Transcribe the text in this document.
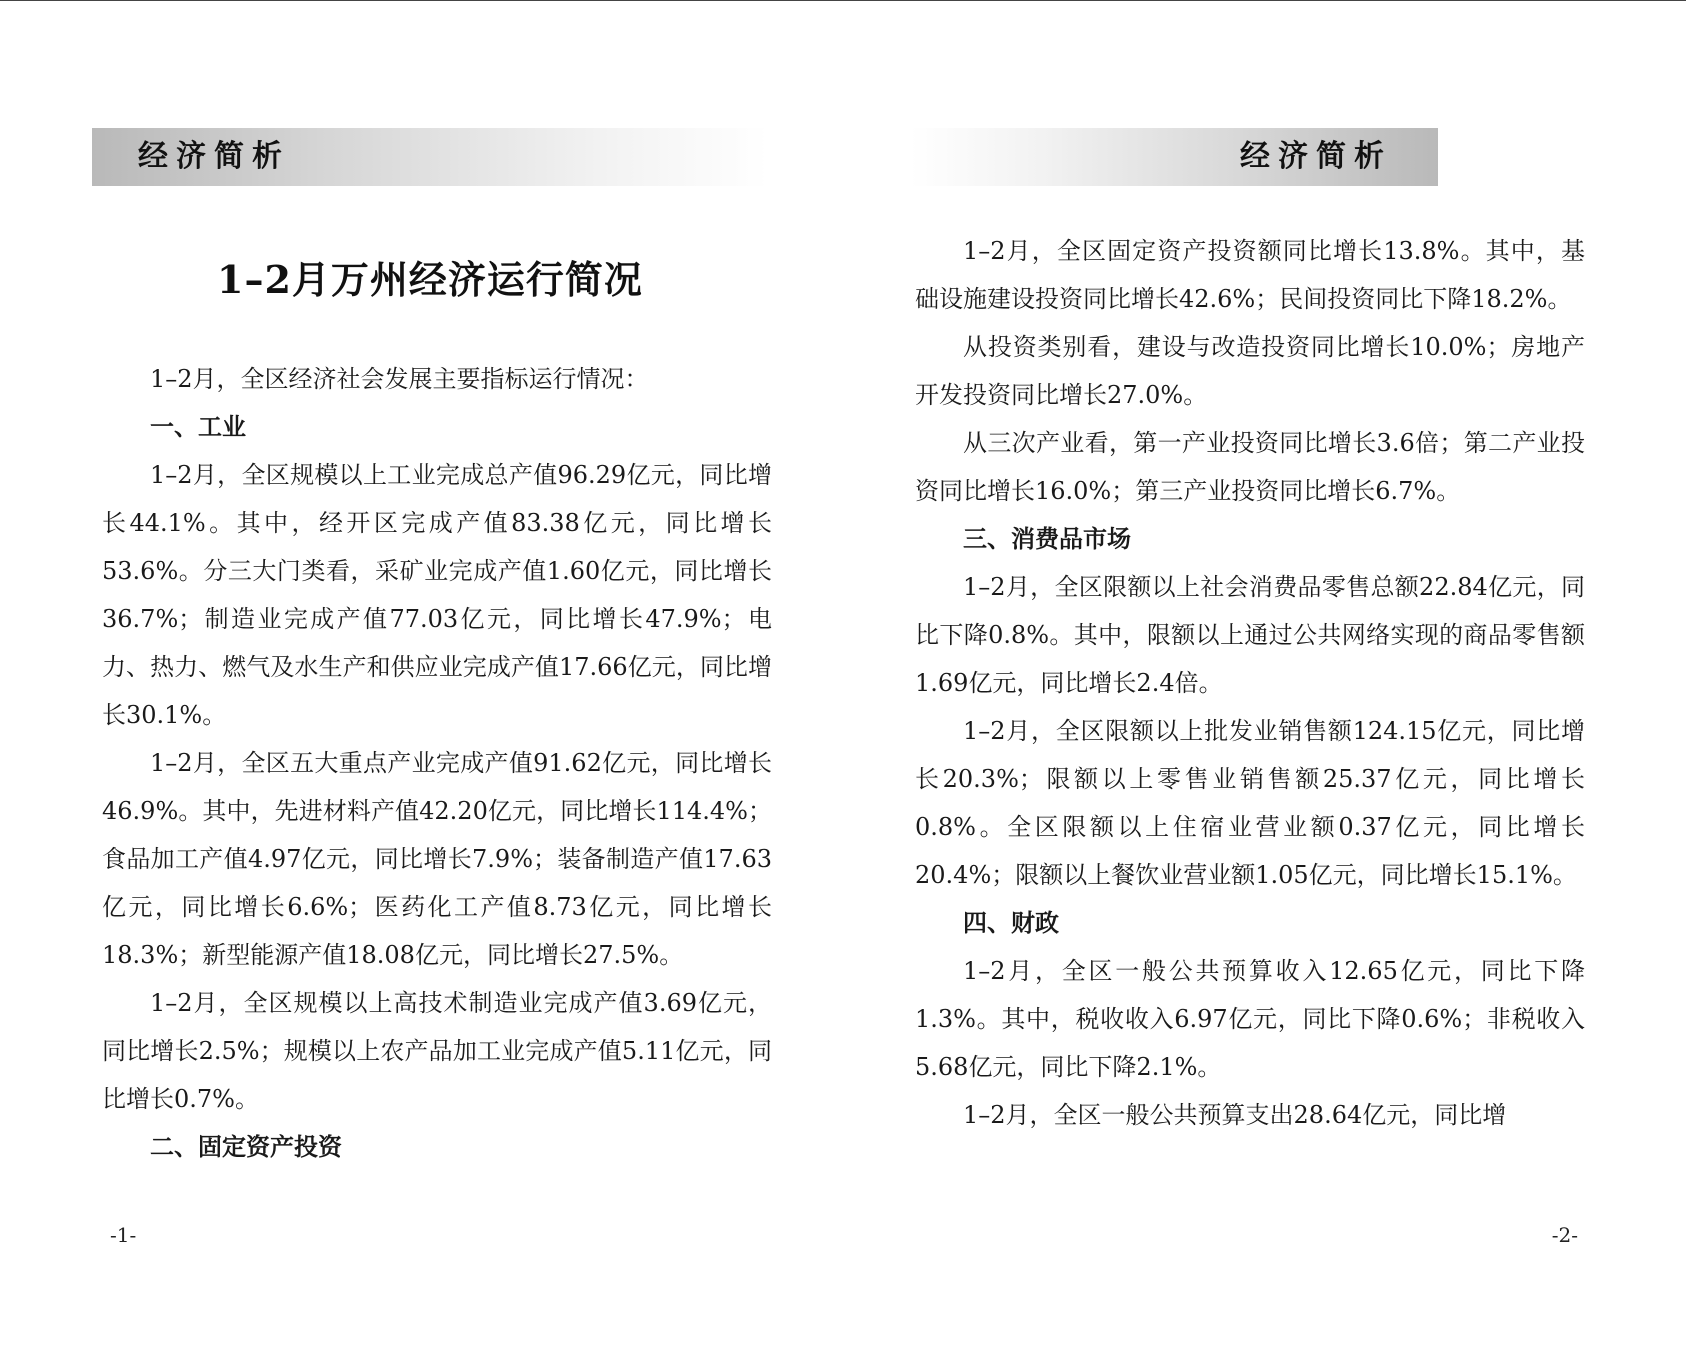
经济简析
1–2月万州经济运行简况

1–2月，全区经济社会发展主要指标运行情况：

一、工业

1–2月，全区规模以上工业完成总产值96.29亿元，同比增长44.1%。其中，经开区完成产值83.38亿元，同比增长53.6%。分三大门类看，采矿业完成产值1.60亿元，同比增长36.7%；制造业完成产值77.03亿元，同比增长47.9%；电力、热力、燃气及水生产和供应业完成产值17.66亿元，同比增长30.1%。

1–2月，全区五大重点产业完成产值91.62亿元，同比增长46.9%。其中，先进材料产值42.20亿元，同比增长114.4%；食品加工产值4.97亿元，同比增长7.9%；装备制造产值17.63亿元，同比增长6.6%；医药化工产值8.73亿元，同比增长18.3%；新型能源产值18.08亿元，同比增长27.5%。

1–2月，全区规模以上高技术制造业完成产值3.69亿元，同比增长2.5%；规模以上农产品加工业完成产值5.11亿元，同比增长0.7%。

二、固定资产投资
-1-
经济简析

1–2月，全区固定资产投资额同比增长13.8%。其中，基础设施建设投资同比增长42.6%；民间投资同比下降18.2%。

从投资类别看，建设与改造投资同比增长10.0%；房地产开发投资同比增长27.0%。

从三次产业看，第一产业投资同比增长3.6倍；第二产业投资同比增长16.0%；第三产业投资同比增长6.7%。

三、消费品市场

1–2月，全区限额以上社会消费品零售总额22.84亿元，同比下降0.8%。其中，限额以上通过公共网络实现的商品零售额1.69亿元，同比增长2.4倍。

1–2月，全区限额以上批发业销售额124.15亿元，同比增长20.3%；限额以上零售业销售额25.37亿元，同比增长0.8%。全区限额以上住宿业营业额0.37亿元，同比增长20.4%；限额以上餐饮业营业额1.05亿元，同比增长15.1%。

四、财政

1–2月，全区一般公共预算收入12.65亿元，同比下降1.3%。其中，税收收入6.97亿元，同比下降0.6%；非税收入5.68亿元，同比下降2.1%。

1–2月，全区一般公共预算支出28.64亿元，同比增

-2-
